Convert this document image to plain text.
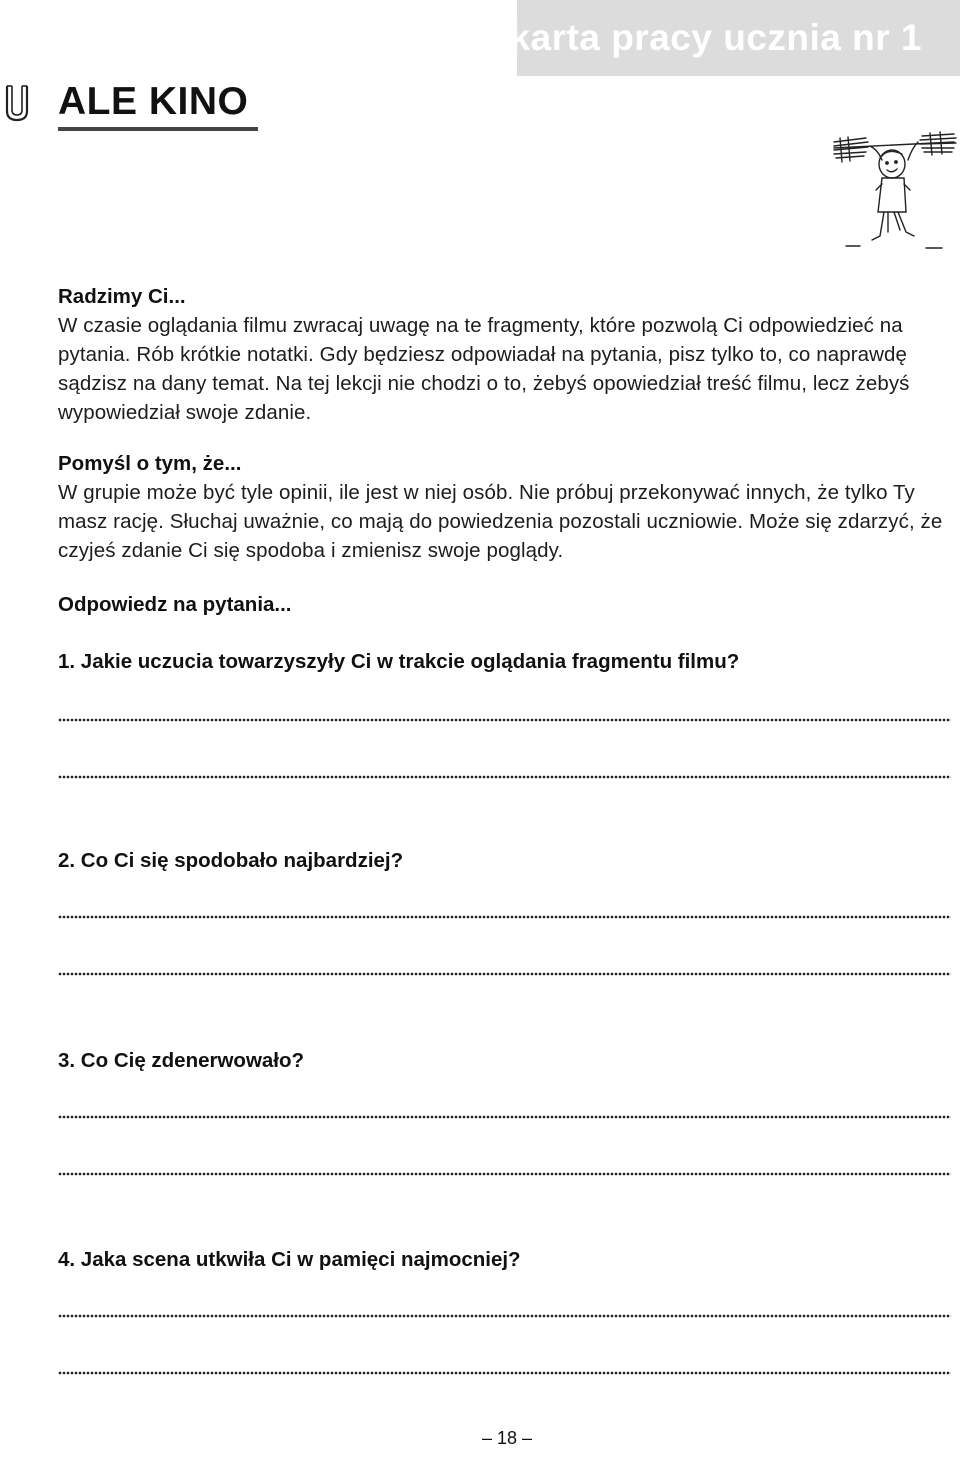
karta pracy ucznia nr 1
ALE KINO

Radzimy Ci...

W czasie oglądania filmu zwracaj uwagę na te fragmenty, które pozwolą Ci odpowiedzieć na pytania. Rób krótkie notatki. Gdy będziesz odpowiadał na pytania, pisz tylko to, co naprawdę sądzisz na dany temat. Na tej lekcji nie chodzi o to, żebyś opowiedział treść filmu, lecz żebyś wypowiedział swoje zdanie.

Pomyśl o tym, że...

W grupie może być tyle opinii, ile jest w niej osób. Nie próbuj przekonywać innych, że tylko Ty masz rację. Słuchaj uważnie, co mają do powiedzenia pozostali uczniowie. Może się zdarzyć, że czyjeś zdanie Ci się spodoba i zmienisz swoje poglądy.

Odpowiedz na pytania...

1. Jakie uczucia towarzyszyły Ci w trakcie oglądania fragmentu filmu?

2. Co Ci się spodobało najbardziej?

3. Co Cię zdenerwowało?

4. Jaka scena utkwiła Ci w pamięci najmocniej?

– 18 –
